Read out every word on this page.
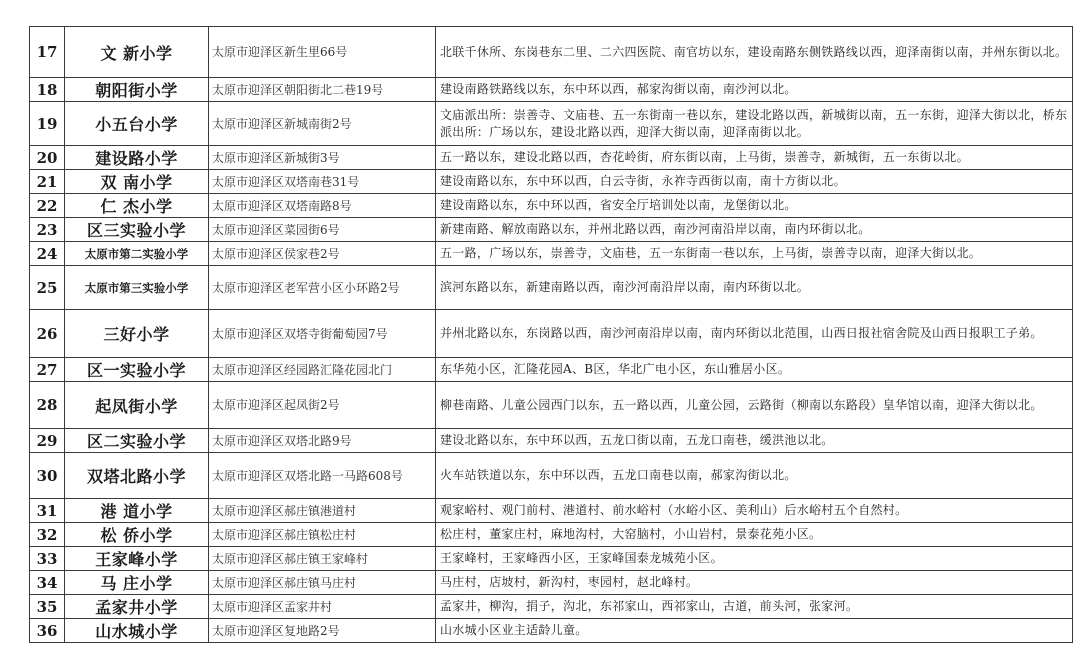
17	文 新小学	太原市迎泽区新生里66号	北联千休所、东岗巷东二里、二六四医院、南官坊以东，建设南路东侧铁路线以西，迎泽南街以南，并州东街以北。
18	朝阳街小学	太原市迎泽区朝阳街北二巷19号	建设南路铁路线以东，东中环以西，郝家沟街以南，南沙河以北。
19	小五台小学	太原市迎泽区新城南街2号	文庙派出所：崇善寺、文庙巷、五一东街南一巷以东，建设北路以西，新城街以南，五一东街，迎泽大街以北，桥东派出所：广场以东，建设北路以西，迎泽大街以南，迎泽南街以北。
20	建设路小学	太原市迎泽区新城街3号	五一路以东，建设北路以西，杏花岭街，府东街以南，上马街，崇善寺，新城街，五一东街以北。
21	双 南小学	太原市迎泽区双塔南巷31号	建设南路以东，东中环以西，白云寺街，永祚寺西街以南，南十方街以北。
22	仁 杰小学	太原市迎泽区双塔南路8号	建设南路以东，东中环以西，省安全厅培训处以南，龙堡街以北。
23	区三实验小学	太原市迎泽区菜园街6号	新建南路、解放南路以东，并州北路以西，南沙河南沿岸以南，南内环街以北。
24	太原市第二实验小学	太原市迎泽区侯家巷2号	五一路，广场以东，崇善寺，文庙巷，五一东街南一巷以东，上马街，崇善寺以南，迎泽大街以北。
25	太原市第三实验小学	太原市迎泽区老军营小区小环路2号	滨河东路以东，新建南路以西，南沙河南沿岸以南，南内环街以北。
26	三好小学	太原市迎泽区双塔寺街葡萄园7号	并州北路以东，东岗路以西，南沙河南沿岸以南，南内环街以北范围，山西日报社宿舍院及山西日报职工子弟。
27	区一实验小学	太原市迎泽区经园路汇隆花园北门	东华苑小区，汇隆花园A、B区，华北广电小区，东山雅居小区。
28	起凤街小学	太原市迎泽区起凤街2号	柳巷南路、儿童公园西门以东，五一路以西，儿童公园，云路街（柳南以东路段）皇华馆以南，迎泽大街以北。
29	区二实验小学	太原市迎泽区双塔北路9号	建设北路以东，东中环以西，五龙口街以南，五龙口南巷，缓洪池以北。
30	双塔北路小学	太原市迎泽区双塔北路一马路608号	火车站铁道以东，东中环以西，五龙口南巷以南，郝家沟街以北。
31	港 道小学	太原市迎泽区郝庄镇港道村	观家峪村、观门前村、港道村、前水峪村（水峪小区、美利山）后水峪村五个自然村。
32	松 侨小学	太原市迎泽区郝庄镇松庄村	松庄村，董家庄村，麻地沟村，大窑脑村，小山岩村，景泰花苑小区。
33	王家峰小学	太原市迎泽区郝庄镇王家峰村	王家峰村，王家峰西小区，王家峰国泰龙城苑小区。
34	马 庄小学	太原市迎泽区郝庄镇马庄村	马庄村，店坡村，新沟村，枣园村，赵北峰村。
35	孟家井小学	太原市迎泽区孟家井村	孟家井，柳沟，捐子，沟北，东祁家山，西祁家山，古道，前头河，张家河。
36	山水城小学	太原市迎泽区复地路2号	山水城小区业主适龄儿童。
